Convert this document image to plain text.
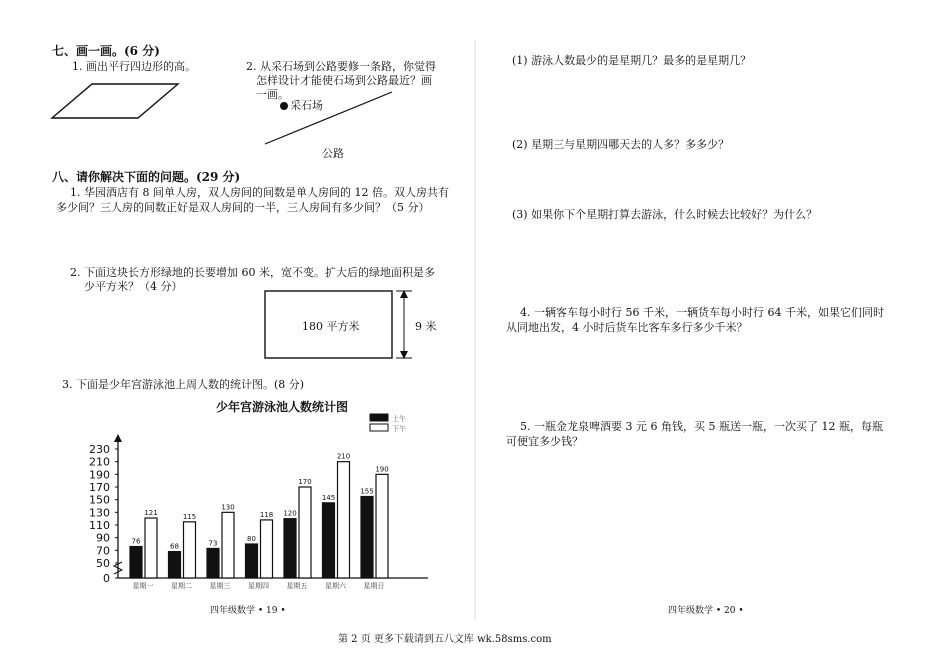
七、画一画。(6 分)
1. 画出平行四边形的高。	2. 从采石场到公路要修一条路，你觉得
怎样设计才能使石场到公路最近？画
一画。
采石场
公路
八、请你解决下面的问题。(29 分)
1. 华园酒店有 8 间单人房，双人房间的间数是单人房间的 12 倍。双人房共有
多少间？三人房的间数正好是双人房间的一半，三人房间有多少间？（5 分）
2. 下面这块长方形绿地的长要增加 60 米，宽不变。扩大后的绿地面积是多
少平方米？（4 分）
180 平方米	9 米
3. 下面是少年宫游泳池上周人数的统计图。(8 分)
少年宫游泳池人数统计图
0
50
70
90
110
130
150
170
190
210
230
76
121
星期一
68
115
星期二
73
130
星期三
80
118
星期四
120
170
星期五
145
210
星期六
155
190
星期日
上午
下午
四年级数学 • 19 •
(1) 游泳人数最少的是星期几？最多的是星期几？
(2) 星期三与星期四哪天去的人多？多多少？
(3) 如果你下个星期打算去游泳，什么时候去比较好？为什么？
4. 一辆客车每小时行 56 千米，一辆货车每小时行 64 千米，如果它们同时
从同地出发，4 小时后货车比客车多行多少千米？
5. 一瓶金龙泉啤酒要 3 元 6 角钱，买 5 瓶送一瓶，一次买了 12 瓶，每瓶
可便宜多少钱？
四年级数学 • 20 •
第 2 页 更多下载请到五八文库 wk.58sms.com
